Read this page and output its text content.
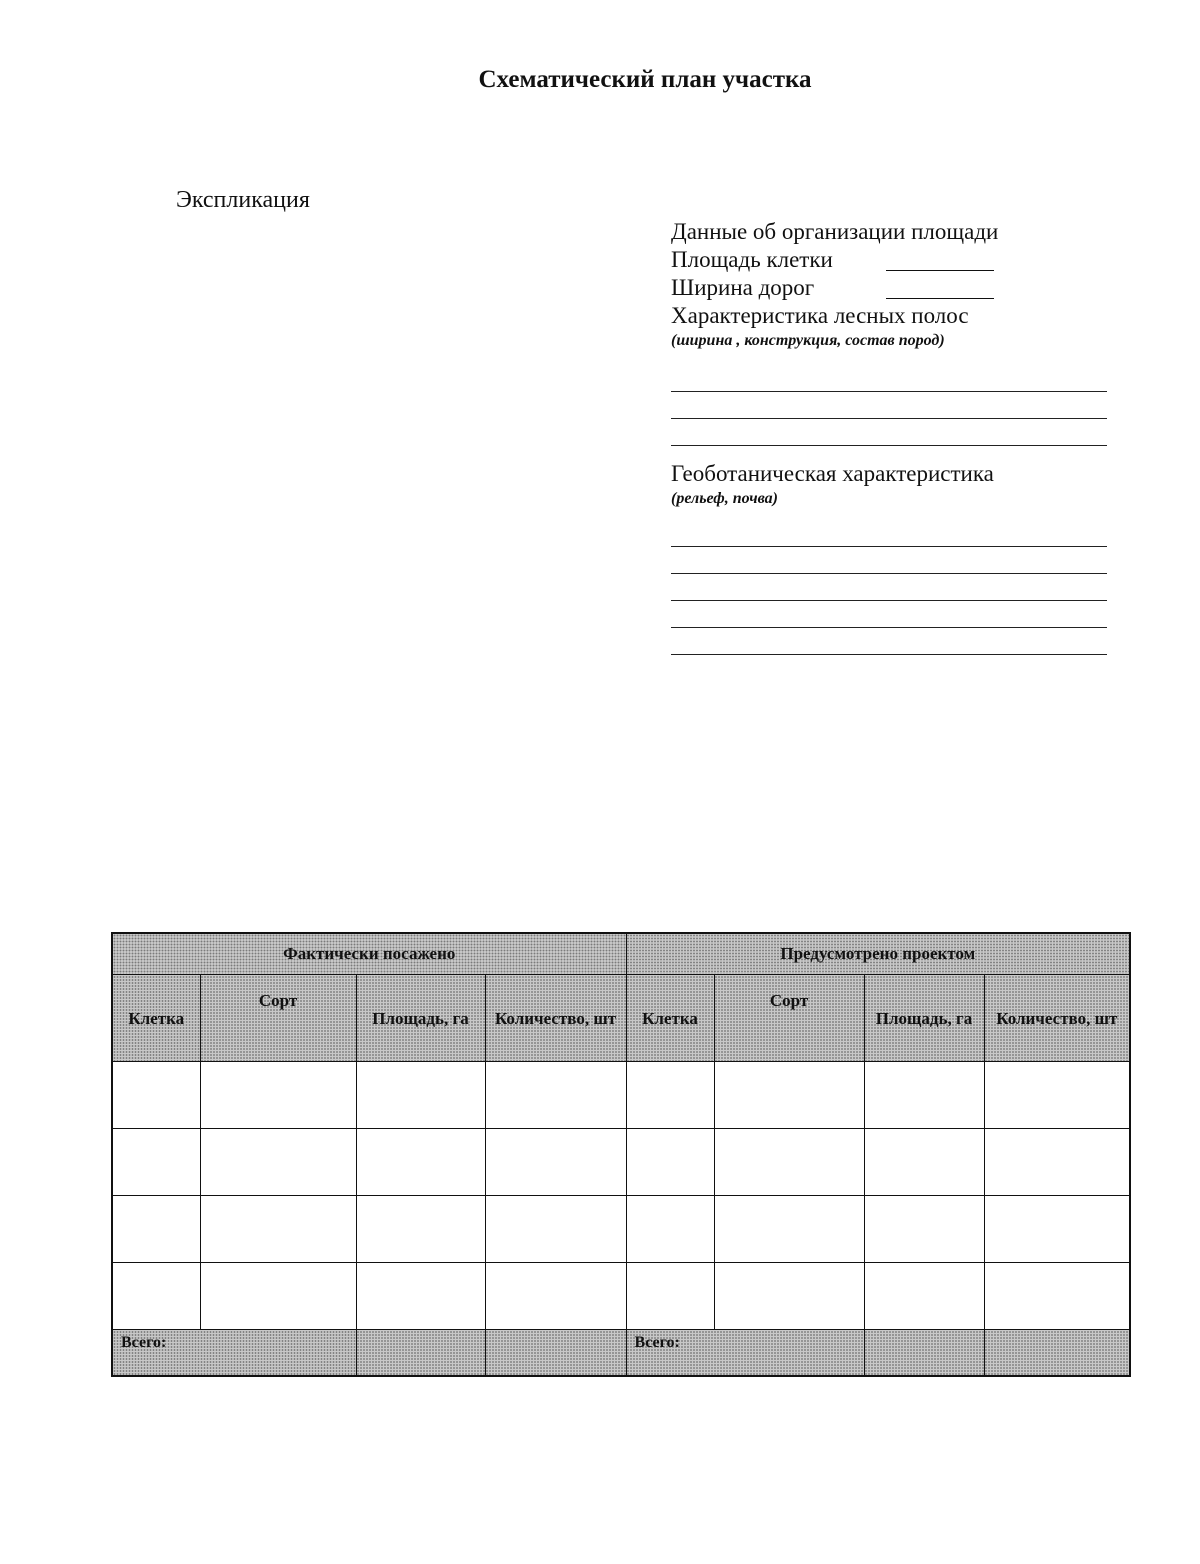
Схематический план участка
Экспликация
Данные об организации площади
Площадь клетки
Ширина дорог
Характеристика лесных полос
(ширина , конструкция, состав пород)
Геоботаническая характеристика
(рельеф, почва)
Фактически посажено				Предусмотрено проектом			
Клетка	Сорт	Площадь, га	Количество, шт	Клетка	Сорт	Площадь, га	Количество, шт

Всего:				Всего:			
